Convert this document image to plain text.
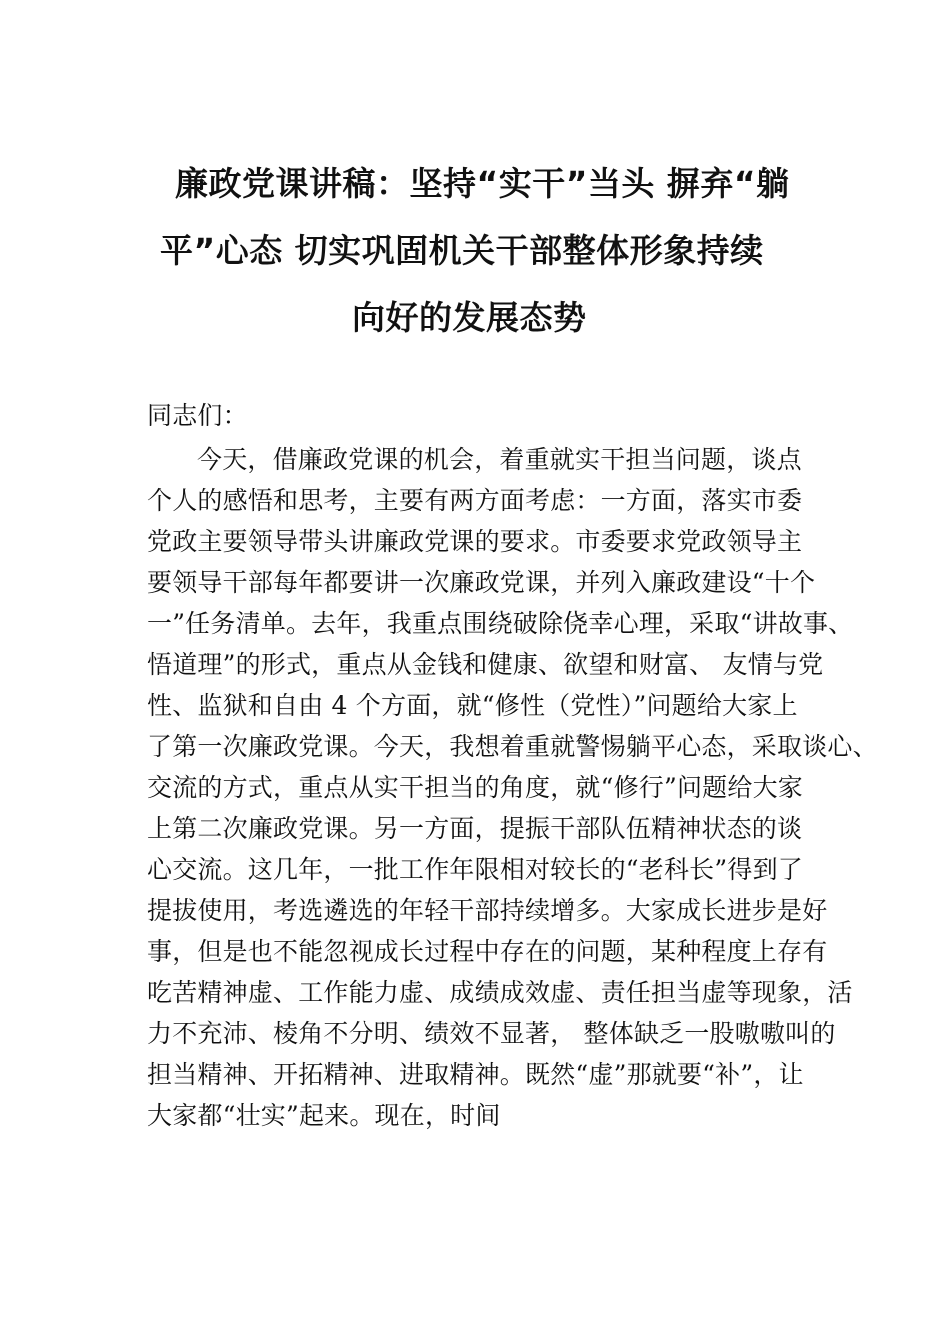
廉政党课讲稿：坚持“实干”当头 摒弃“躺
平”心态 切实巩固机关干部整体形象持续
向好的发展态势
同志们：
今天，借廉政党课的机会，着重就实干担当问题，谈点
个人的感悟和思考，主要有两方面考虑：一方面，落实市委
党政主要领导带头讲廉政党课的要求。市委要求党政领导主
要领导干部每年都要讲一次廉政党课，并列入廉政建设“十个
一”任务清单。去年，我重点围绕破除侥幸心理，采取“讲故事、
悟道理”的形式，重点从金钱和健康、欲望和财富、 友情与党
性、监狱和自由 4 个方面，就“修性（党性）”问题给大家上
了第一次廉政党课。今天，我想着重就警惕躺平心态，采取谈心、
交流的方式，重点从实干担当的角度，就“修行”问题给大家
上第二次廉政党课。另一方面，提振干部队伍精神状态的谈
心交流。这几年，一批工作年限相对较长的“老科长”得到了
提拔使用，考选遴选的年轻干部持续增多。大家成长进步是好
事，但是也不能忽视成长过程中存在的问题，某种程度上存有
吃苦精神虚、工作能力虚、成绩成效虚、责任担当虚等现象，活
力不充沛、棱角不分明、绩效不显著， 整体缺乏一股嗷嗷叫的
担当精神、开拓精神、进取精神。既然“虚”那就要“补”，让
大家都“壮实”起来。现在，时间
